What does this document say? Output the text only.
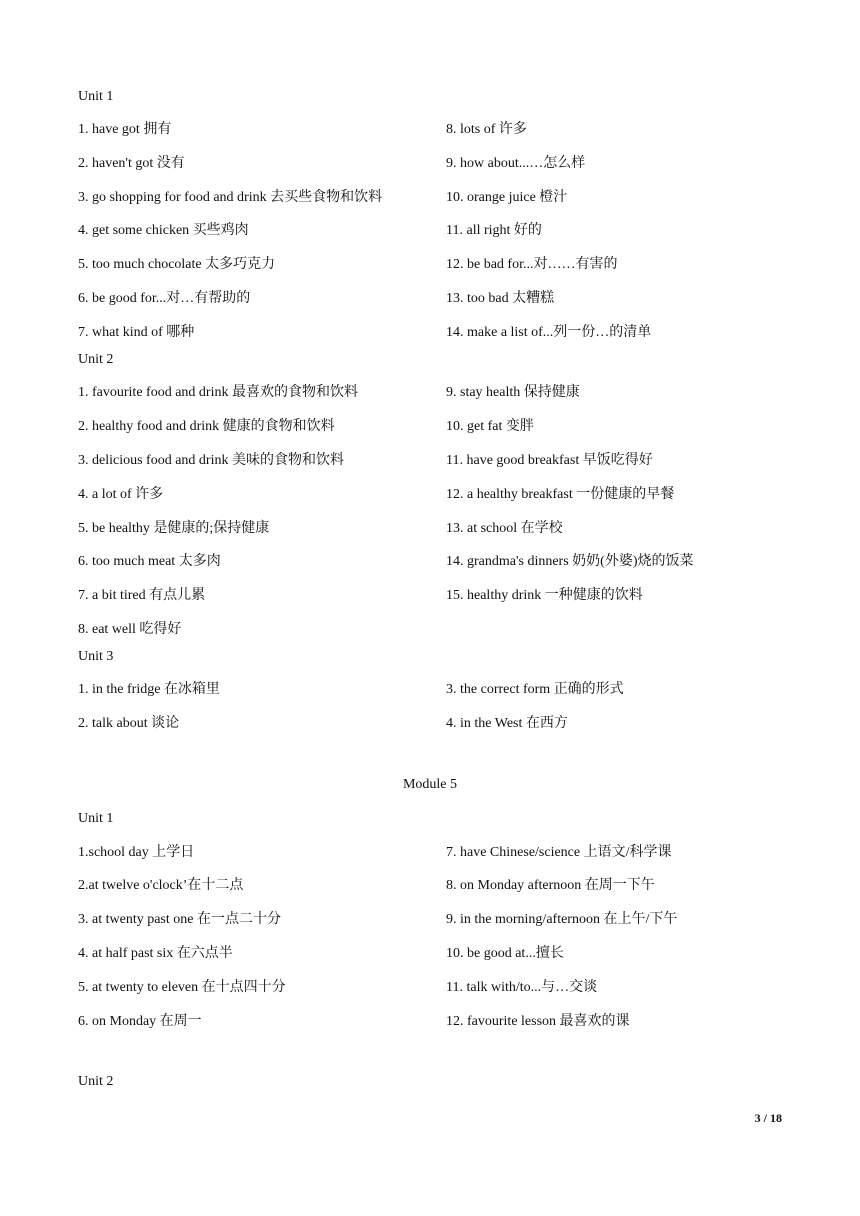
Unit 1
1. have got 拥有
2. haven't got 没有
3. go shopping for food and drink 去买些食物和饮料
4. get some chicken 买些鸡肉
5. too much chocolate 太多巧克力
6. be good for...对…有帮助的
7. what kind of 哪种
8. lots of 许多
9. how about...…怎么样
10. orange juice 橙汁
11. all right 好的
12. be bad for...对……有害的
13. too bad 太糟糕
14. make a list of...列一份…的清单
Unit 2
1. favourite food and drink 最喜欢的食物和饮料
2. healthy food and drink 健康的食物和饮料
3. delicious food and drink 美味的食物和饮料
4. a lot of 许多
5. be healthy 是健康的;保持健康
6. too much meat 太多肉
7. a bit tired 有点儿累
8. eat well 吃得好
9. stay health 保持健康
10. get fat 变胖
11. have good breakfast 早饭吃得好
12. a healthy breakfast 一份健康的早餐
13. at school 在学校
14. grandma's dinners 奶奶(外婆)烧的饭菜
15. healthy drink 一种健康的饮料
Unit 3
1. in the fridge 在冰箱里
2. talk about 谈论
3. the correct form 正确的形式
4. in the West 在西方
Module 5
Unit 1
1.school day 上学日
2.at twelve o'clock’在十二点
3. at twenty past one 在一点二十分
4. at half past six 在六点半
5. at twenty to eleven 在十点四十分
6. on Monday 在周一
7. have Chinese/science 上语文/科学课
8. on Monday afternoon 在周一下午
9. in the morning/afternoon 在上午/下午
10. be good at...擅长
11. talk with/to...与…交谈
12. favourite lesson 最喜欢的课
Unit 2
3 / 18
